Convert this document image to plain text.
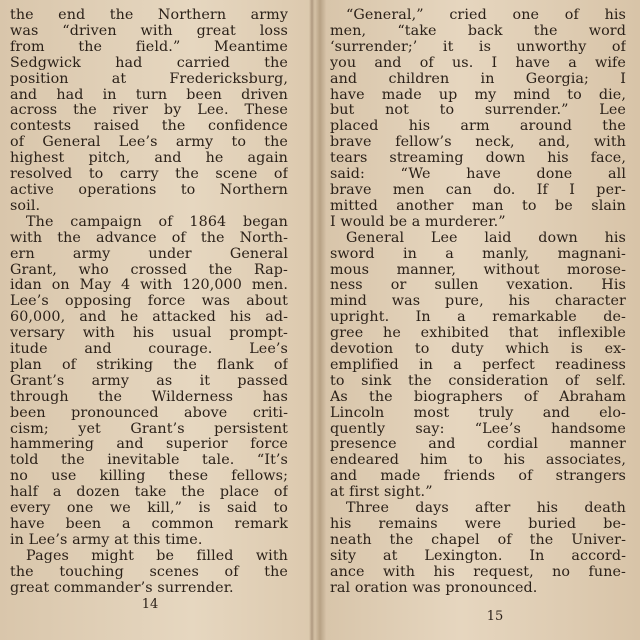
the end the Northern army
was “driven with great loss
from the field.” Meantime
Sedgwick had carried the
position at Fredericksburg,
and had in turn been driven
across the river by Lee. These
contests raised the confidence
of General Lee’s army to the
highest pitch, and he again
resolved to carry the scene of
active operations to Northern
soil.
The campaign of 1864 began
with the advance of the North-
ern army under General
Grant, who crossed the Rap-
idan on May 4 with 120,000 men.
Lee’s opposing force was about
60,000, and he attacked his ad-
versary with his usual prompt-
itude and courage. Lee’s
plan of striking the flank of
Grant’s army as it passed
through the Wilderness has
been pronounced above criti-
cism; yet Grant’s persistent
hammering and superior force
told the inevitable tale. “It’s
no use killing these fellows;
half a dozen take the place of
every one we kill,” is said to
have been a common remark
in Lee’s army at this time.
Pages might be filled with
the touching scenes of the
great commander’s surrender.
14
“General,” cried one of his
men, “take back the word
‘surrender;’ it is unworthy of
you and of us. I have a wife
and children in Georgia; I
have made up my mind to die,
but not to surrender.” Lee
placed his arm around the
brave fellow’s neck, and, with
tears streaming down his face,
said: “We have done all
brave men can do. If I per-
mitted another man to be slain
I would be a murderer.”
General Lee laid down his
sword in a manly, magnani-
mous manner, without morose-
ness or sullen vexation. His
mind was pure, his character
upright. In a remarkable de-
gree he exhibited that inflexible
devotion to duty which is ex-
emplified in a perfect readiness
to sink the consideration of self.
As the biographers of Abraham
Lincoln most truly and elo-
quently say: “Lee’s handsome
presence and cordial manner
endeared him to his associates,
and made friends of strangers
at first sight.”
Three days after his death
his remains were buried be-
neath the chapel of the Univer-
sity at Lexington. In accord-
ance with his request, no fune-
ral oration was pronounced.
15
